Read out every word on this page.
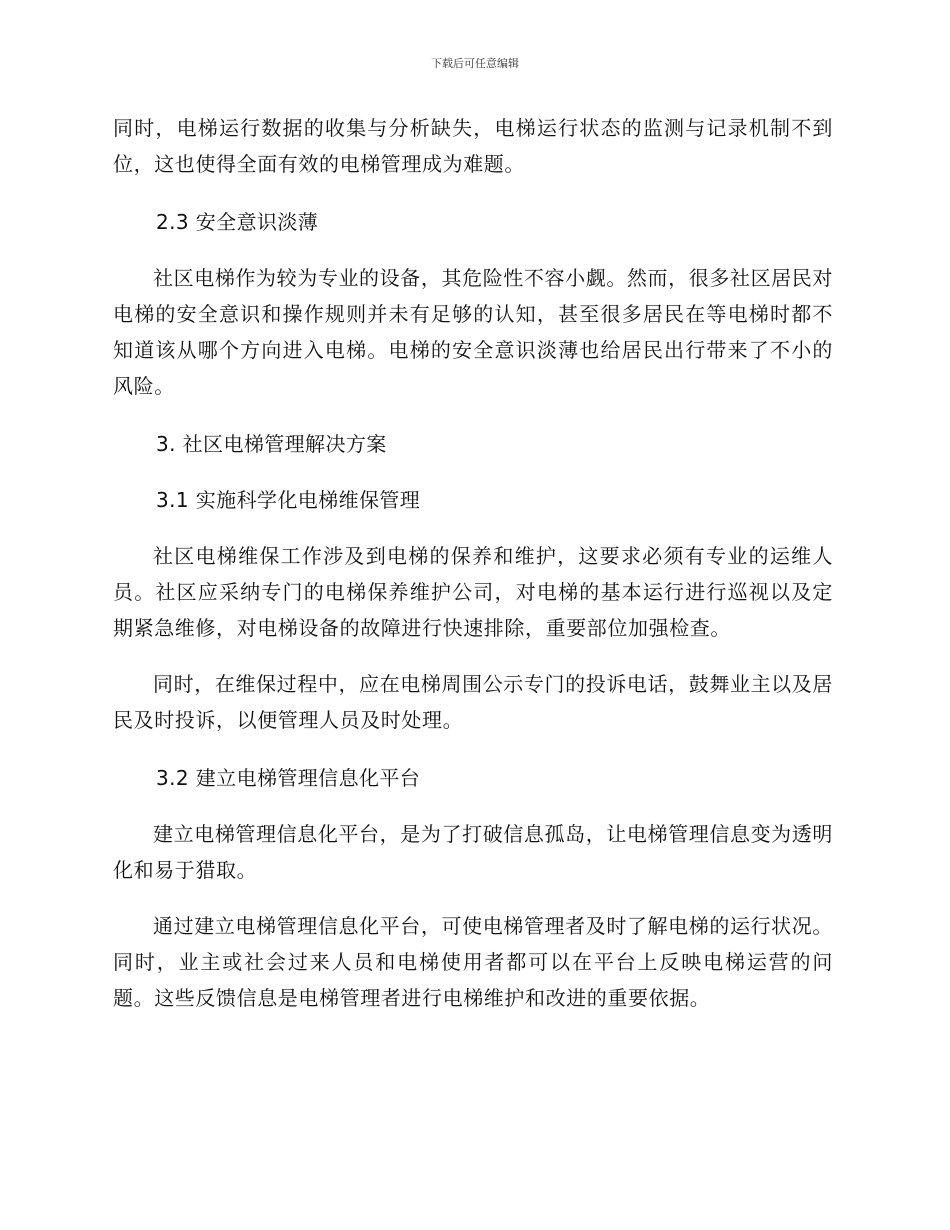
下载后可任意编辑

同时，电梯运行数据的收集与分析缺失，电梯运行状态的监测与记录机制不到位，这也使得全面有效的电梯管理成为难题。

2.3 安全意识淡薄

社区电梯作为较为专业的设备，其危险性不容小觑。然而，很多社区居民对电梯的安全意识和操作规则并未有足够的认知，甚至很多居民在等电梯时都不知道该从哪个方向进入电梯。电梯的安全意识淡薄也给居民出行带来了不小的风险。

3. 社区电梯管理解决方案

3.1 实施科学化电梯维保管理

社区电梯维保工作涉及到电梯的保养和维护，这要求必须有专业的运维人员。社区应采纳专门的电梯保养维护公司，对电梯的基本运行进行巡视以及定期紧急维修，对电梯设备的故障进行快速排除，重要部位加强检查。

同时，在维保过程中，应在电梯周围公示专门的投诉电话，鼓舞业主以及居民及时投诉，以便管理人员及时处理。

3.2 建立电梯管理信息化平台

建立电梯管理信息化平台，是为了打破信息孤岛，让电梯管理信息变为透明化和易于猎取。

通过建立电梯管理信息化平台，可使电梯管理者及时了解电梯的运行状况。同时，业主或社会过来人员和电梯使用者都可以在平台上反映电梯运营的问题。这些反馈信息是电梯管理者进行电梯维护和改进的重要依据。
